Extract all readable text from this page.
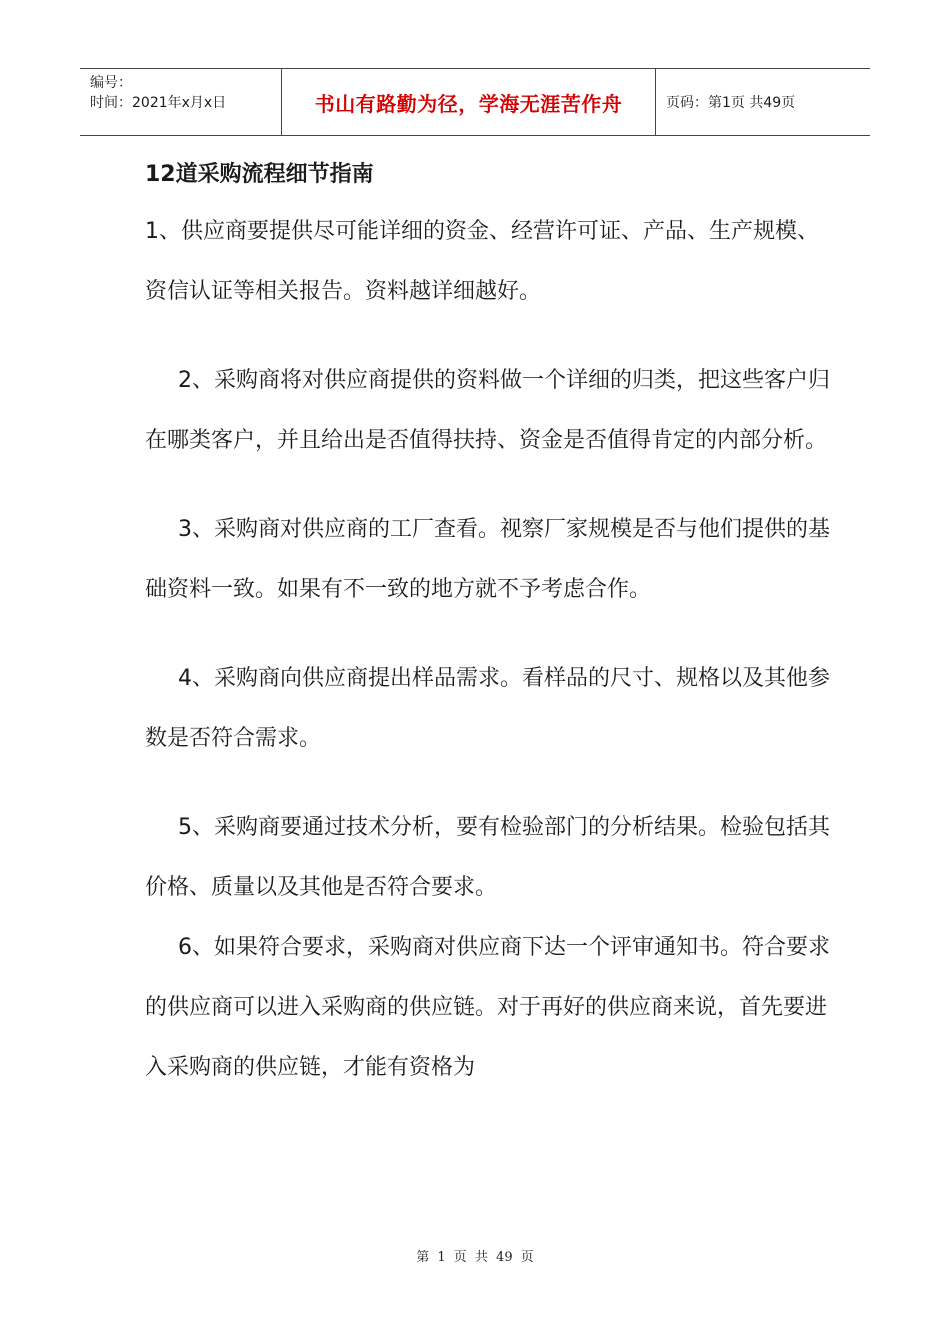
编号：
时间：2021年x月x日	书山有路勤为径，学海无涯苦作舟	页码：第1页 共49页
12道采购流程细节指南

1、供应商要提供尽可能详细的资金、经营许可证、产品、生产规模、资信认证等相关报告。资料越详细越好。

2、采购商将对供应商提供的资料做一个详细的归类，把这些客户归在哪类客户，并且给出是否值得扶持、资金是否值得肯定的内部分析。

3、采购商对供应商的工厂查看。视察厂家规模是否与他们提供的基础资料一致。如果有不一致的地方就不予考虑合作。

4、采购商向供应商提出样品需求。看样品的尺寸、规格以及其他参数是否符合需求。

5、采购商要通过技术分析，要有检验部门的分析结果。检验包括其价格、质量以及其他是否符合要求。

6、如果符合要求，采购商对供应商下达一个评审通知书。符合要求的供应商可以进入采购商的供应链。对于再好的供应商来说，首先要进入采购商的供应链，才能有资格为

第 1 页 共 49 页
